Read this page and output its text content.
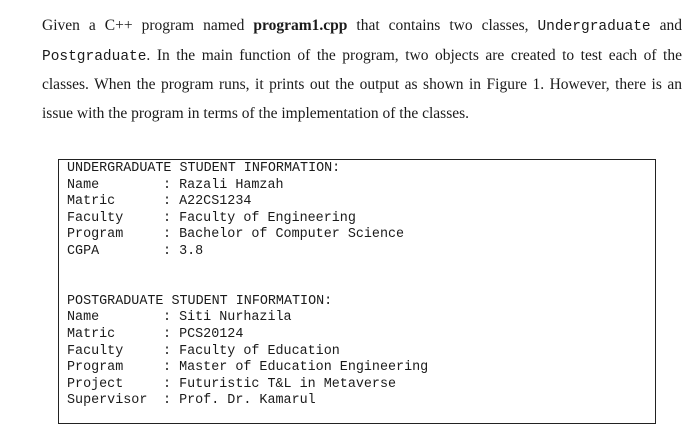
Given a C++ program named program1.cpp that contains two classes, Undergraduate and Postgraduate. In the main function of the program, two objects are created to test each of the classes. When the program runs, it prints out the output as shown in Figure 1. However, there is an issue with the program in terms of the implementation of the classes.
UNDERGRADUATE STUDENT INFORMATION:
Name	: Razali Hamzah
Matric	: A22CS1234
Faculty	: Faculty of Engineering
Program	: Bachelor of Computer Science
CGPA	: 3.8
POSTGRADUATE STUDENT INFORMATION:
Name	: Siti Nurhazila
Matric	: PCS20124
Faculty	: Faculty of Education
Program	: Master of Education Engineering
Project	: Futuristic T&L in Metaverse
Supervisor : Prof. Dr. Kamarul
